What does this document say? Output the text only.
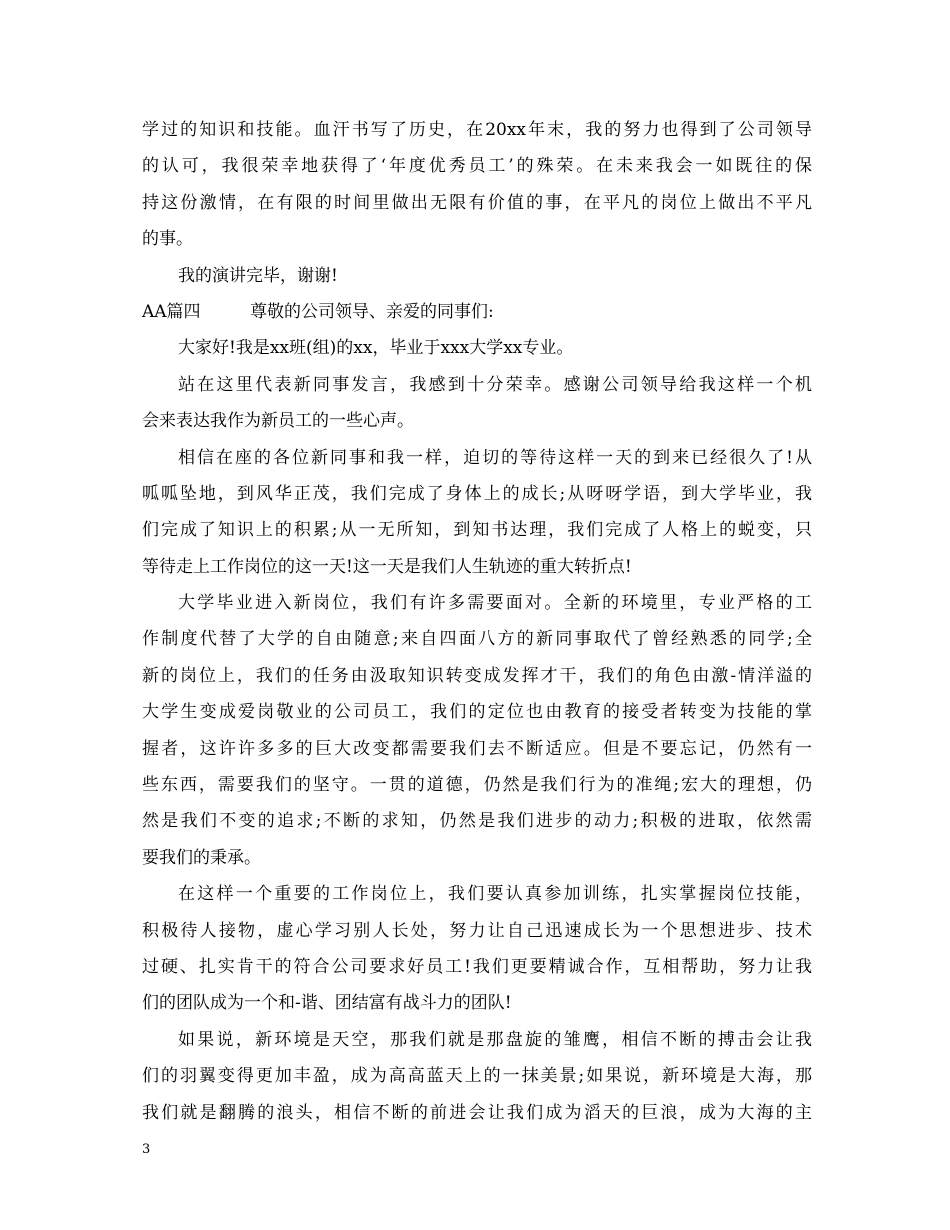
学过的知识和技能。血汗书写了历史，在20xx年末，我的努力也得到了公司领导
的认可，我很荣幸地获得了‘年度优秀员工’的殊荣。在未来我会一如既往的保
持这份激情，在有限的时间里做出无限有价值的事，在平凡的岗位上做出不平凡
的事。
我的演讲完毕，谢谢!
AA篇四	尊敬的公司领导、亲爱的同事们:
大家好!我是xx班(组)的xx，毕业于xxx大学xx专业。
站在这里代表新同事发言，我感到十分荣幸。感谢公司领导给我这样一个机
会来表达我作为新员工的一些心声。
相信在座的各位新同事和我一样，迫切的等待这样一天的到来已经很久了!从
呱呱坠地，到风华正茂，我们完成了身体上的成长;从呀呀学语，到大学毕业，我
们完成了知识上的积累;从一无所知，到知书达理，我们完成了人格上的蜕变，只
等待走上工作岗位的这一天!这一天是我们人生轨迹的重大转折点!
大学毕业进入新岗位，我们有许多需要面对。全新的环境里，专业严格的工
作制度代替了大学的自由随意;来自四面八方的新同事取代了曾经熟悉的同学;全
新的岗位上，我们的任务由汲取知识转变成发挥才干，我们的角色由激-情洋溢的
大学生变成爱岗敬业的公司员工，我们的定位也由教育的接受者转变为技能的掌
握者，这许许多多的巨大改变都需要我们去不断适应。但是不要忘记，仍然有一
些东西，需要我们的坚守。一贯的道德，仍然是我们行为的准绳;宏大的理想，仍
然是我们不变的追求;不断的求知，仍然是我们进步的动力;积极的进取，依然需
要我们的秉承。
在这样一个重要的工作岗位上，我们要认真参加训练，扎实掌握岗位技能，
积极待人接物，虚心学习别人长处，努力让自己迅速成长为一个思想进步、技术
过硬、扎实肯干的符合公司要求好员工!我们更要精诚合作，互相帮助，努力让我
们的团队成为一个和-谐、团结富有战斗力的团队!
如果说，新环境是天空，那我们就是那盘旋的雏鹰，相信不断的搏击会让我
们的羽翼变得更加丰盈，成为高高蓝天上的一抹美景;如果说，新环境是大海，那
我们就是翻腾的浪头，相信不断的前进会让我们成为滔天的巨浪，成为大海的主
3
